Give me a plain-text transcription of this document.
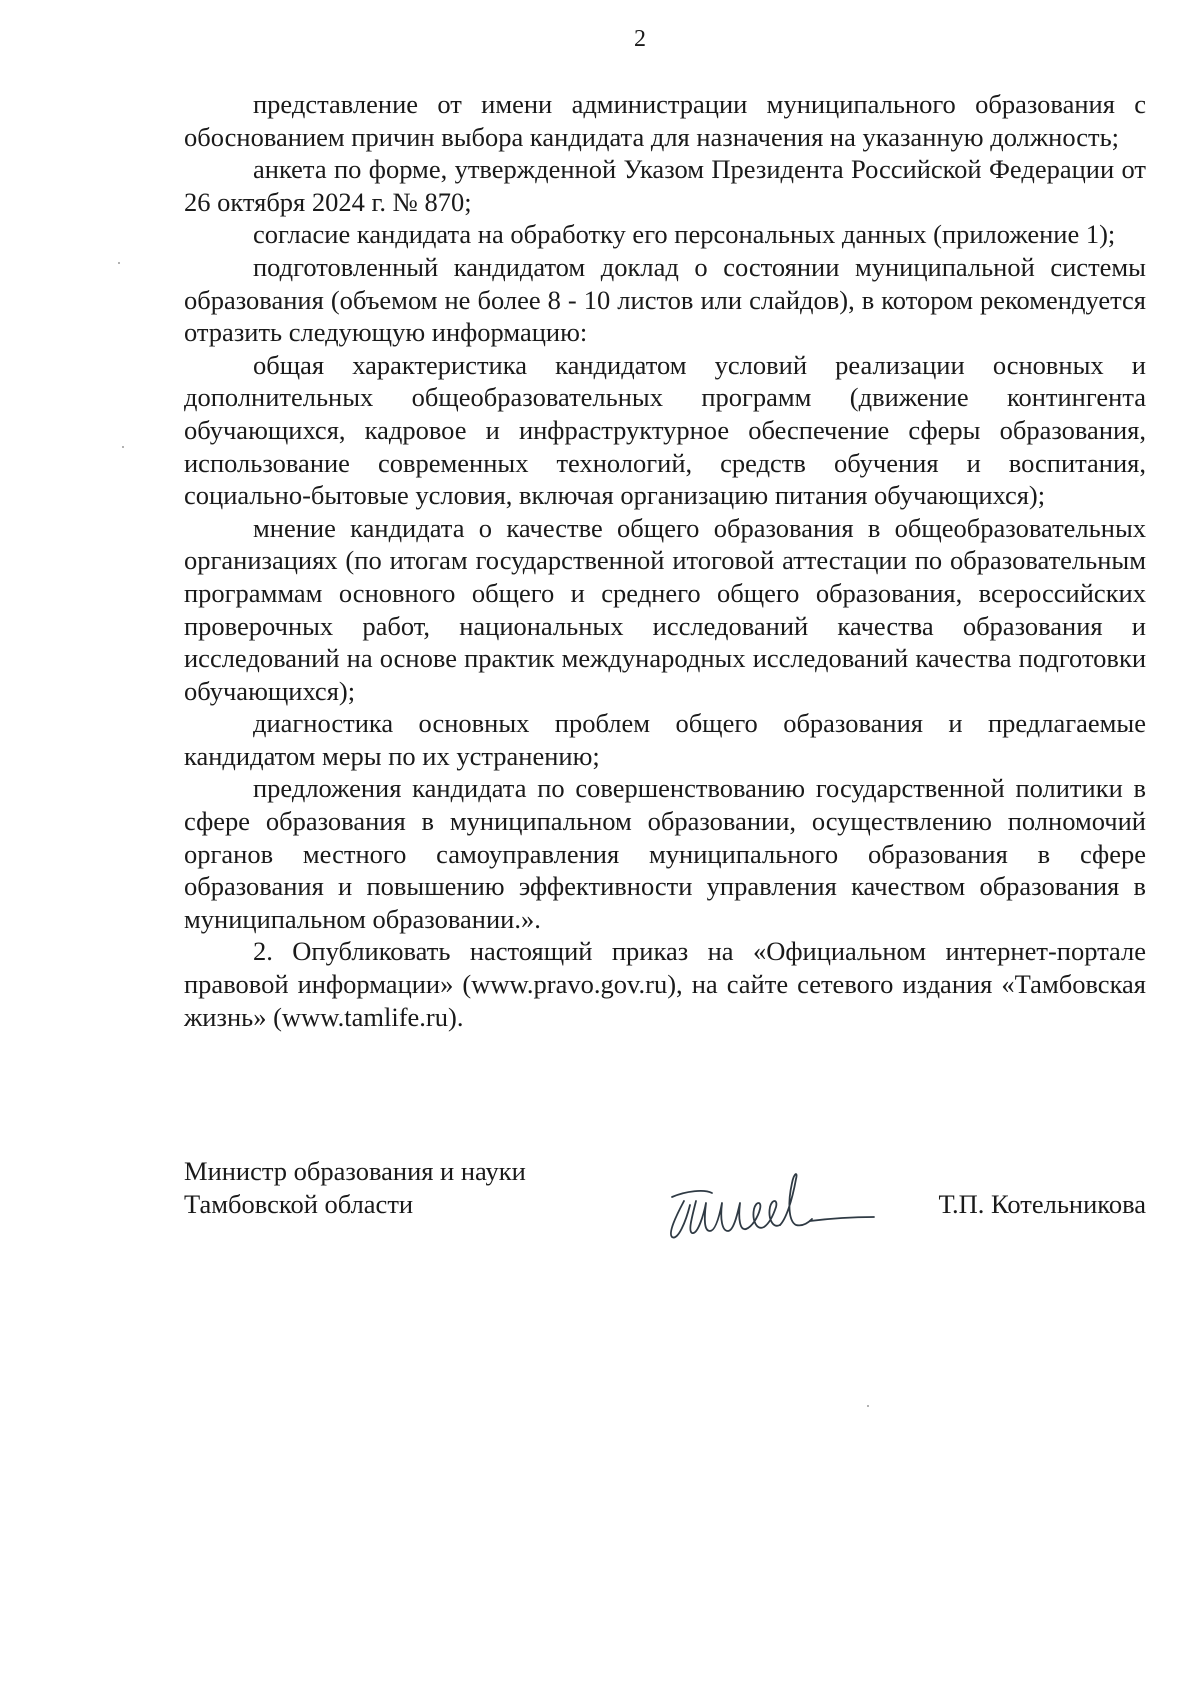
2

представление от имени администрации муниципального образования с обоснованием причин выбора кандидата для назначения на указанную должность;

анкета по форме, утвержденной Указом Президента Российской Федерации от 26 октября 2024 г. № 870;

согласие кандидата на обработку его персональных данных (приложение 1);

подготовленный кандидатом доклад о состоянии муниципальной системы образования (объемом не более 8 - 10 листов или слайдов), в котором рекомендуется отразить следующую информацию:

общая характеристика кандидатом условий реализации основных и дополнительных общеобразовательных программ (движение контингента обучающихся, кадровое и инфраструктурное обеспечение сферы образования, использование современных технологий, средств обучения и воспитания, социально-бытовые условия, включая организацию питания обучающихся);

мнение кандидата о качестве общего образования в общеобразовательных организациях (по итогам государственной итоговой аттестации по образовательным программам основного общего и среднего общего образования, всероссийских проверочных работ, национальных исследований качества образования и исследований на основе практик международных исследований качества подготовки обучающихся);

диагностика основных проблем общего образования и предлагаемые кандидатом меры по их устранению;

предложения кандидата по совершенствованию государственной политики в сфере образования в муниципальном образовании, осуществлению полномочий органов местного самоуправления муниципального образования в сфере образования и повышению эффективности управления качеством образования в муниципальном образовании.».

2. Опубликовать настоящий приказ на «Официальном интернет-портале правовой информации» (www.pravo.gov.ru), на сайте сетевого издания «Тамбовская жизнь» (www.tamlife.ru).

Министр образования и науки
Тамбовской области	Т.П. Котельникова
